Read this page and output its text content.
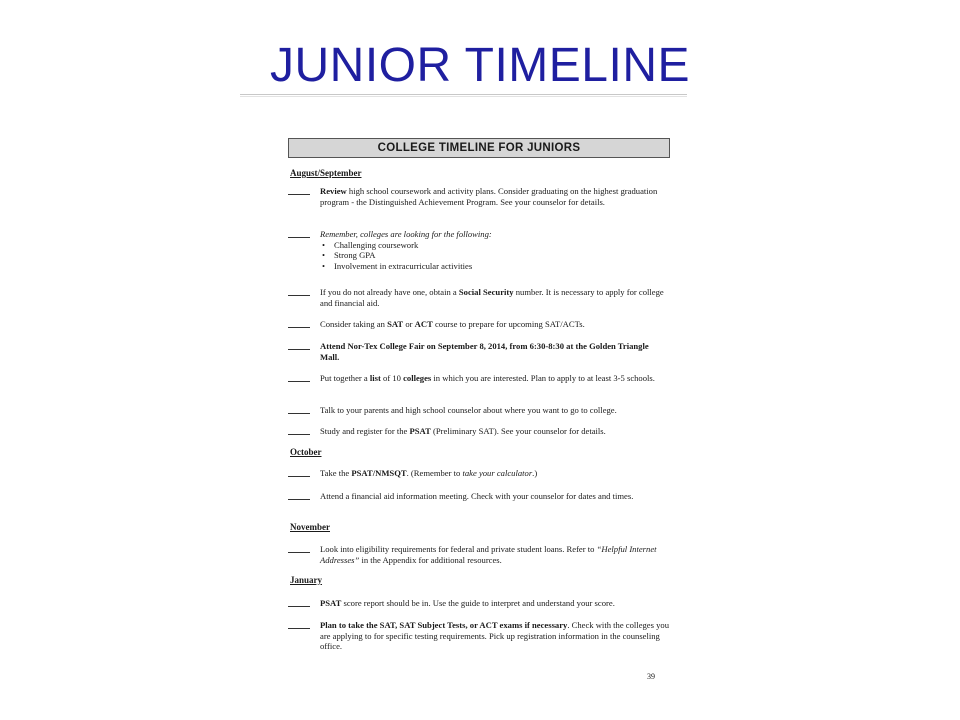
JUNIOR TIMELINE
COLLEGE TIMELINE FOR JUNIORS
August/September
Review high school coursework and activity plans. Consider graduating on the highest graduation program - the Distinguished Achievement Program. See your counselor for details.
Remember, colleges are looking for the following:
• Challenging coursework
• Strong GPA
• Involvement in extracurricular activities
If you do not already have one, obtain a Social Security number. It is necessary to apply for college and financial aid.
Consider taking an SAT or ACT course to prepare for upcoming SAT/ACTs.
Attend Nor-Tex College Fair on September 8, 2014, from 6:30-8:30 at the Golden Triangle Mall.
Put together a list of 10 colleges in which you are interested. Plan to apply to at least 3-5 schools.
Talk to your parents and high school counselor about where you want to go to college.
Study and register for the PSAT (Preliminary SAT). See your counselor for details.
October
Take the PSAT/NMSQT. (Remember to take your calculator.)
Attend a financial aid information meeting. Check with your counselor for dates and times.
November
Look into eligibility requirements for federal and private student loans. Refer to “Helpful Internet Addresses” in the Appendix for additional resources.
January
PSAT score report should be in. Use the guide to interpret and understand your score.
Plan to take the SAT, SAT Subject Tests, or ACT exams if necessary. Check with the colleges you are applying to for specific testing requirements. Pick up registration information in the counseling office.
39
